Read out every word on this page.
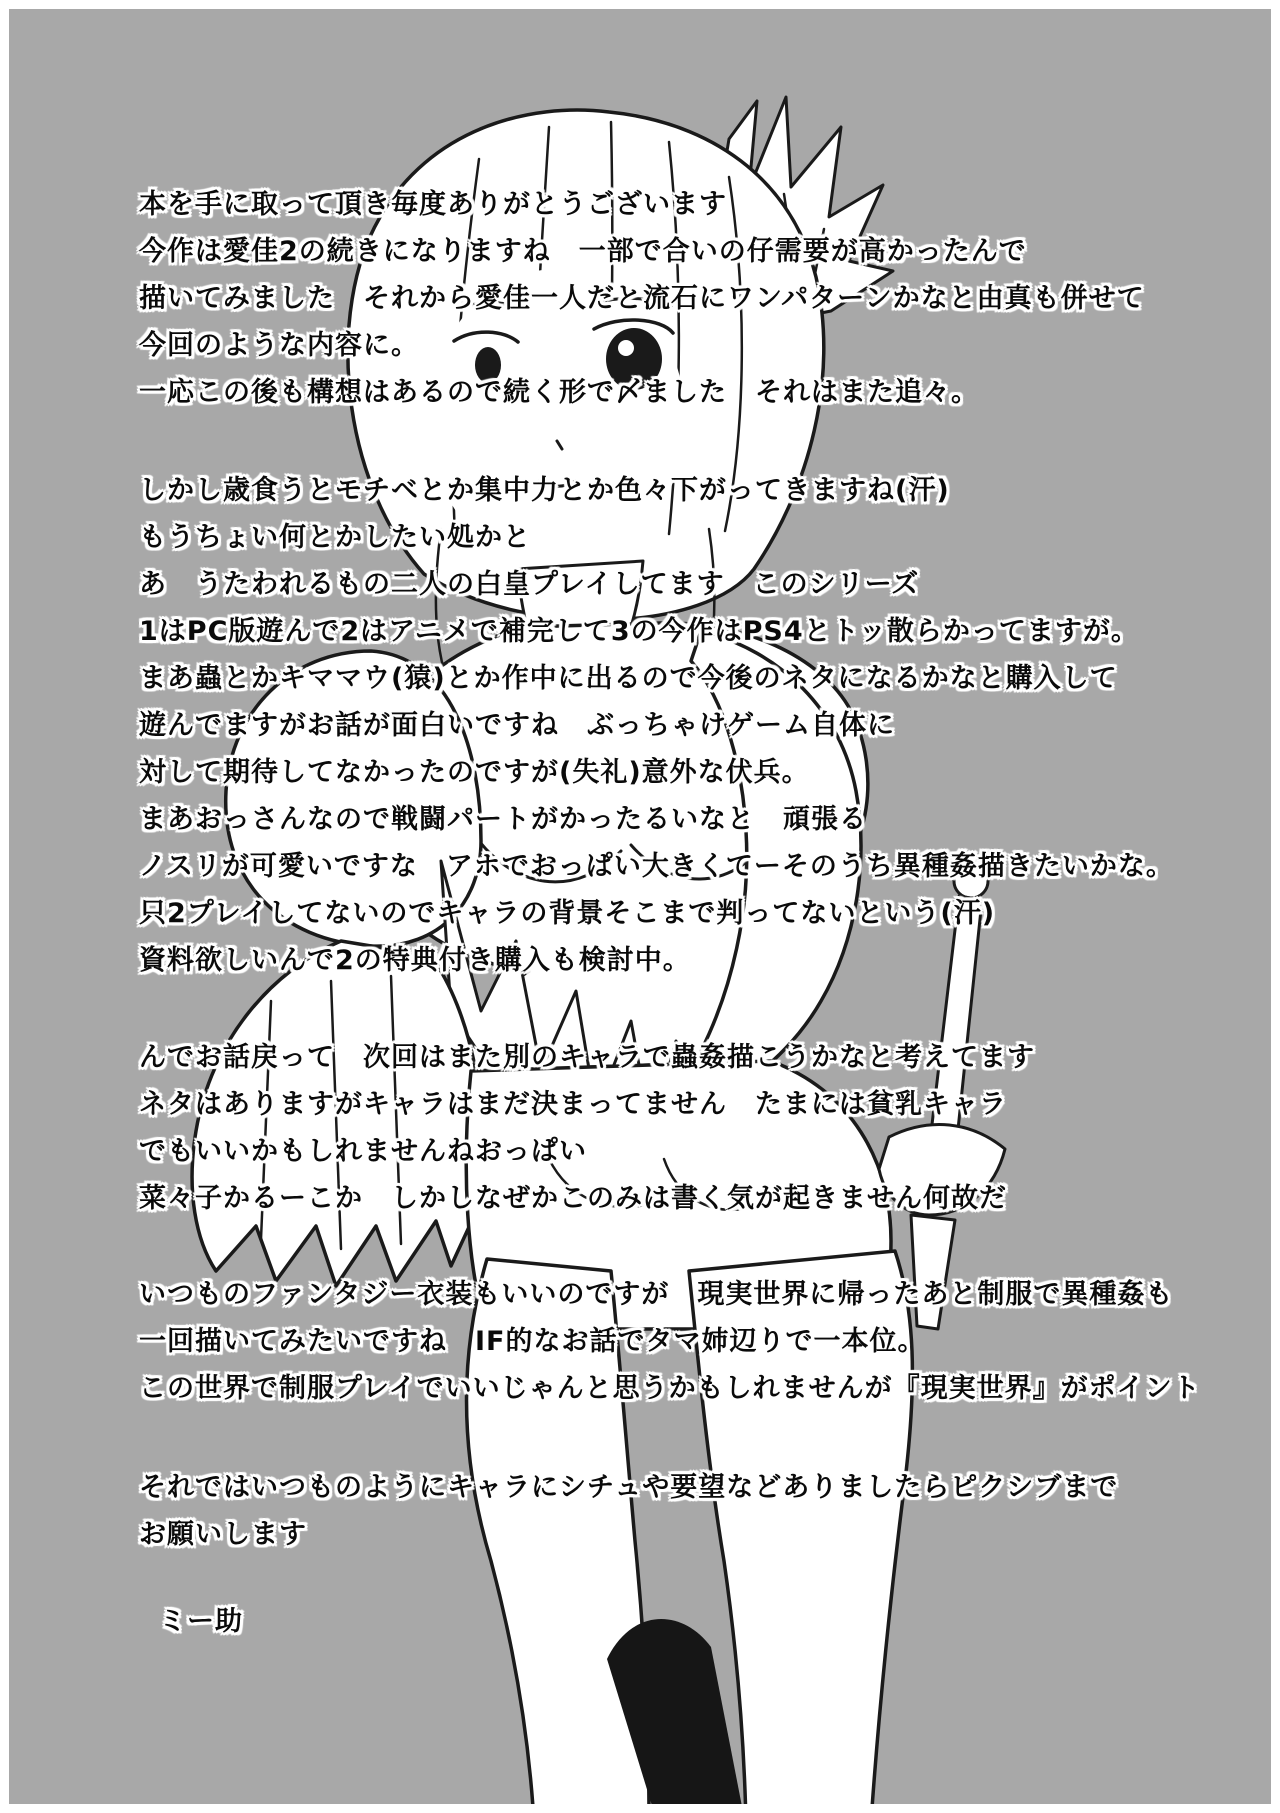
本を手に取って頂き毎度ありがとうございます
今作は愛佳2の続きになりますね　一部で合いの仔需要が高かったんで
描いてみました　それから愛佳一人だと流石にワンパターンかなと由真も併せて
今回のような内容に。
一応この後も構想はあるので続く形で〆ました　それはまた追々。
しかし歳食うとモチベとか集中力とか色々下がってきますね(汗)
もうちょい何とかしたい処かと
あ　うたわれるもの二人の白皇プレイしてます　このシリーズ
1はPC版遊んで2はアニメで補完して3の今作はPS4とトッ散らかってますが。
まあ蟲とかキママウ(猿)とか作中に出るので今後のネタになるかなと購入して
遊んでますがお話が面白いですね　ぶっちゃけゲーム自体に
対して期待してなかったのですが(失礼)意外な伏兵。
まあおっさんなので戦闘パートがかったるいなと　頑張る
ノスリが可愛いですな　アホでおっぱい大きくてーそのうち異種姦描きたいかな。
只2プレイしてないのでキャラの背景そこまで判ってないという(汗)
資料欲しいんで2の特典付き購入も検討中。
んでお話戻って　次回はまた別のキャラで蟲姦描こうかなと考えてます
ネタはありますがキャラはまだ決まってません　たまには貧乳キャラ
でもいいかもしれませんねおっぱい
菜々子かるーこか　しかしなぜかこのみは書く気が起きません何故だ
いつものファンタジー衣装もいいのですが　現実世界に帰ったあと制服で異種姦も
一回描いてみたいですね　IF的なお話でタマ姉辺りで一本位。
この世界で制服プレイでいいじゃんと思うかもしれませんが『現実世界』がポイント
それではいつものようにキャラにシチュや要望などありましたらピクシブまで
お願いします
ミー助
